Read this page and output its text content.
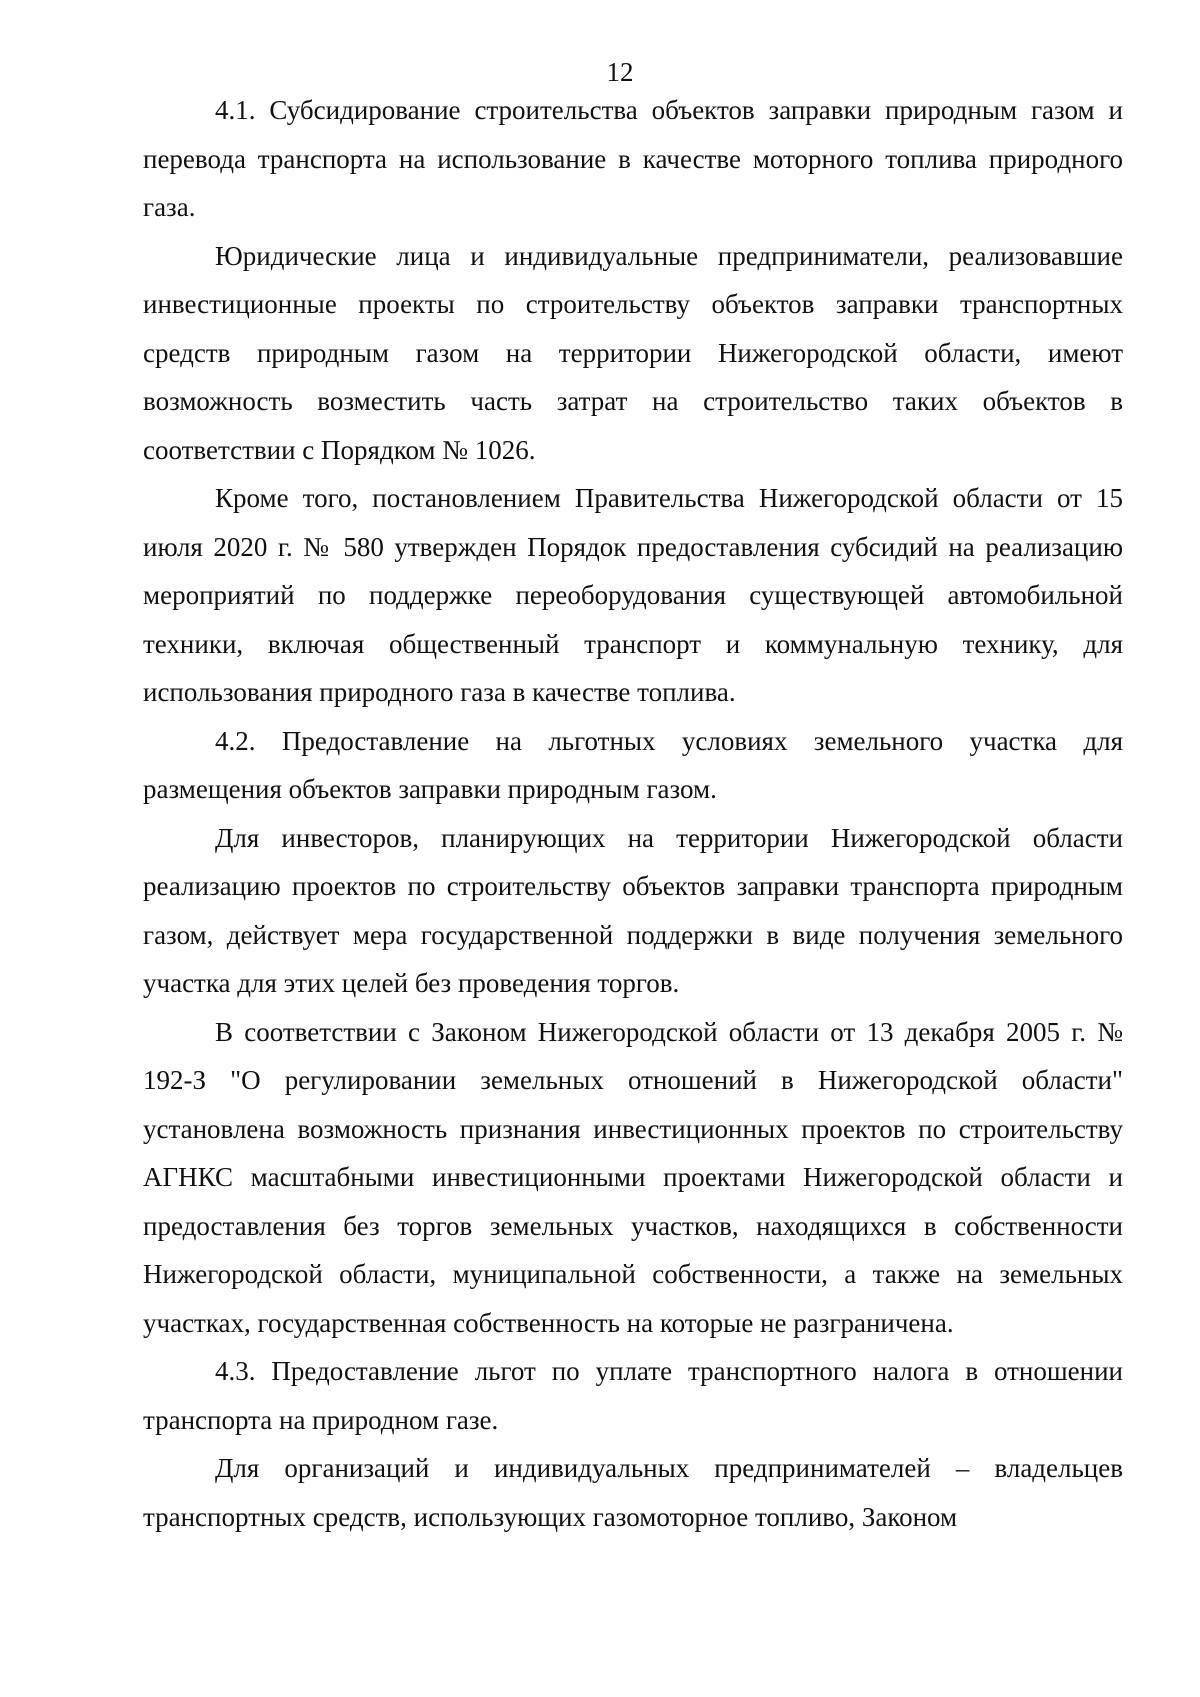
12

4.1. Субсидирование строительства объектов заправки природным газом и перевода транспорта на использование в качестве моторного топлива природного газа.

Юридические лица и индивидуальные предприниматели, реализовавшие инвестиционные проекты по строительству объектов заправки транспортных средств природным газом на территории Нижегородской области, имеют возможность возместить часть затрат на строительство таких объектов в соответствии с Порядком № 1026.

Кроме того, постановлением Правительства Нижегородской области от 15 июля 2020 г. № 580 утвержден Порядок предоставления субсидий на реализацию мероприятий по поддержке переоборудования существующей автомобильной техники, включая общественный транспорт и коммунальную технику, для использования природного газа в качестве топлива.

4.2. Предоставление на льготных условиях земельного участка для размещения объектов заправки природным газом.

Для инвесторов, планирующих на территории Нижегородской области реализацию проектов по строительству объектов заправки транспорта природным газом, действует мера государственной поддержки в виде получения земельного участка для этих целей без проведения торгов.

В соответствии с Законом Нижегородской области от 13 декабря 2005 г. № 192-З "О регулировании земельных отношений в Нижегородской области" установлена возможность признания инвестиционных проектов по строительству АГНКС масштабными инвестиционными проектами Нижегородской области и предоставления без торгов земельных участков, находящихся в собственности Нижегородской области, муниципальной собственности, а также на земельных участках, государственная собственность на которые не разграничена.

4.3. Предоставление льгот по уплате транспортного налога в отношении транспорта на природном газе.

Для организаций и индивидуальных предпринимателей – владельцев транспортных средств, использующих газомоторное топливо, Законом
